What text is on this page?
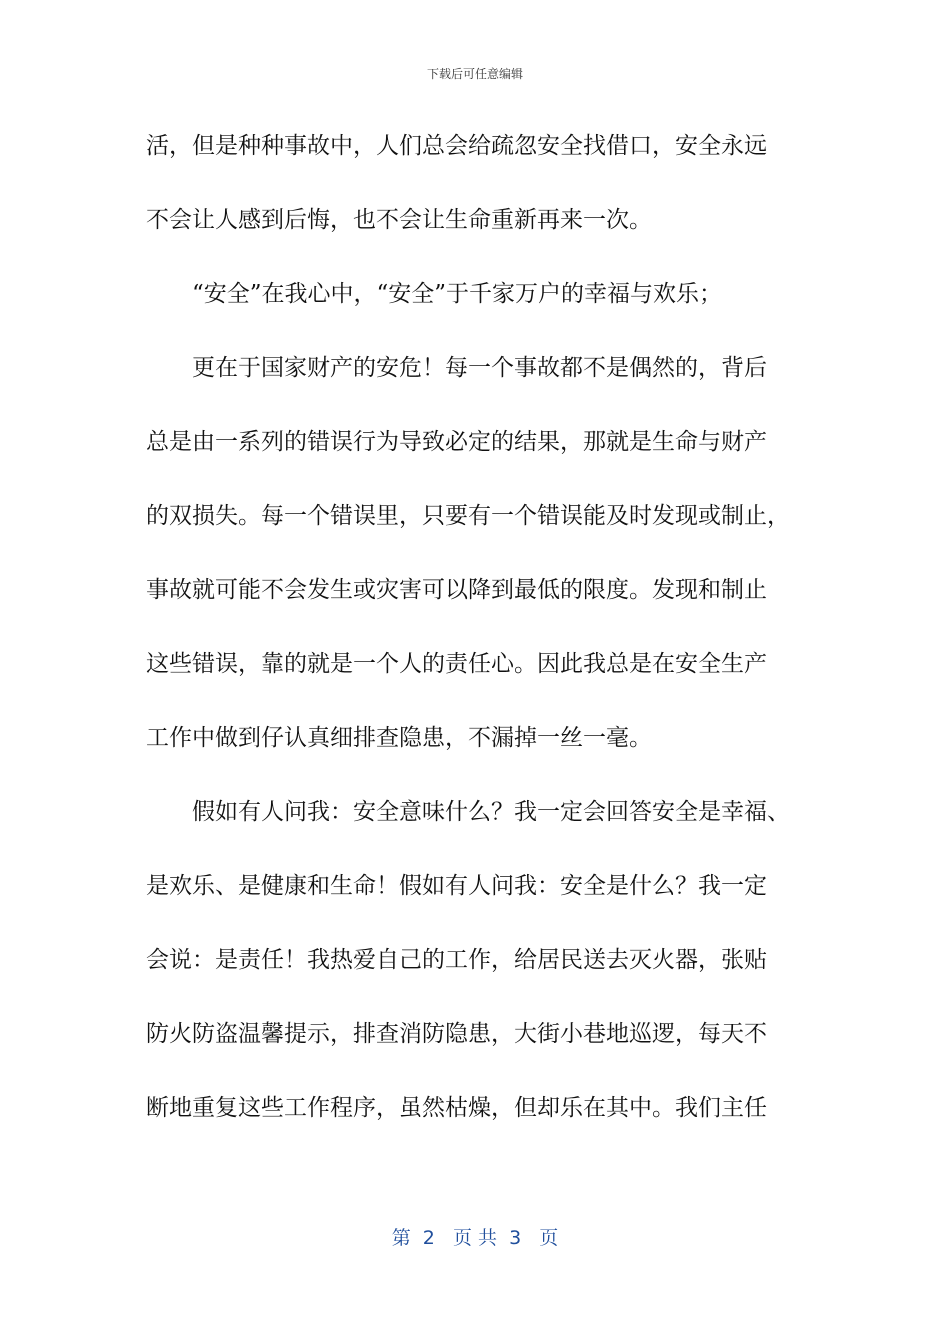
下载后可任意编辑
活，但是种种事故中，人们总会给疏忽安全找借口，安全永远
不会让人感到后悔，也不会让生命重新再来一次。
“安全”在我心中，“安全”于千家万户的幸福与欢乐；
更在于国家财产的安危！每一个事故都不是偶然的，背后
总是由一系列的错误行为导致必定的结果，那就是生命与财产
的双损失。每一个错误里，只要有一个错误能及时发现或制止，
事故就可能不会发生或灾害可以降到最低的限度。发现和制止
这些错误，靠的就是一个人的责任心。因此我总是在安全生产
工作中做到仔认真细排查隐患，不漏掉一丝一毫。
假如有人问我：安全意味什么？我一定会回答安全是幸福、
是欢乐、是健康和生命！假如有人问我：安全是什么？我一定
会说：是责任！我热爱自己的工作，给居民送去灭火器，张贴
防火防盗温馨提示，排查消防隐患，大街小巷地巡逻，每天不
断地重复这些工作程序，虽然枯燥，但却乐在其中。我们主任
第  2   页 共  3   页
